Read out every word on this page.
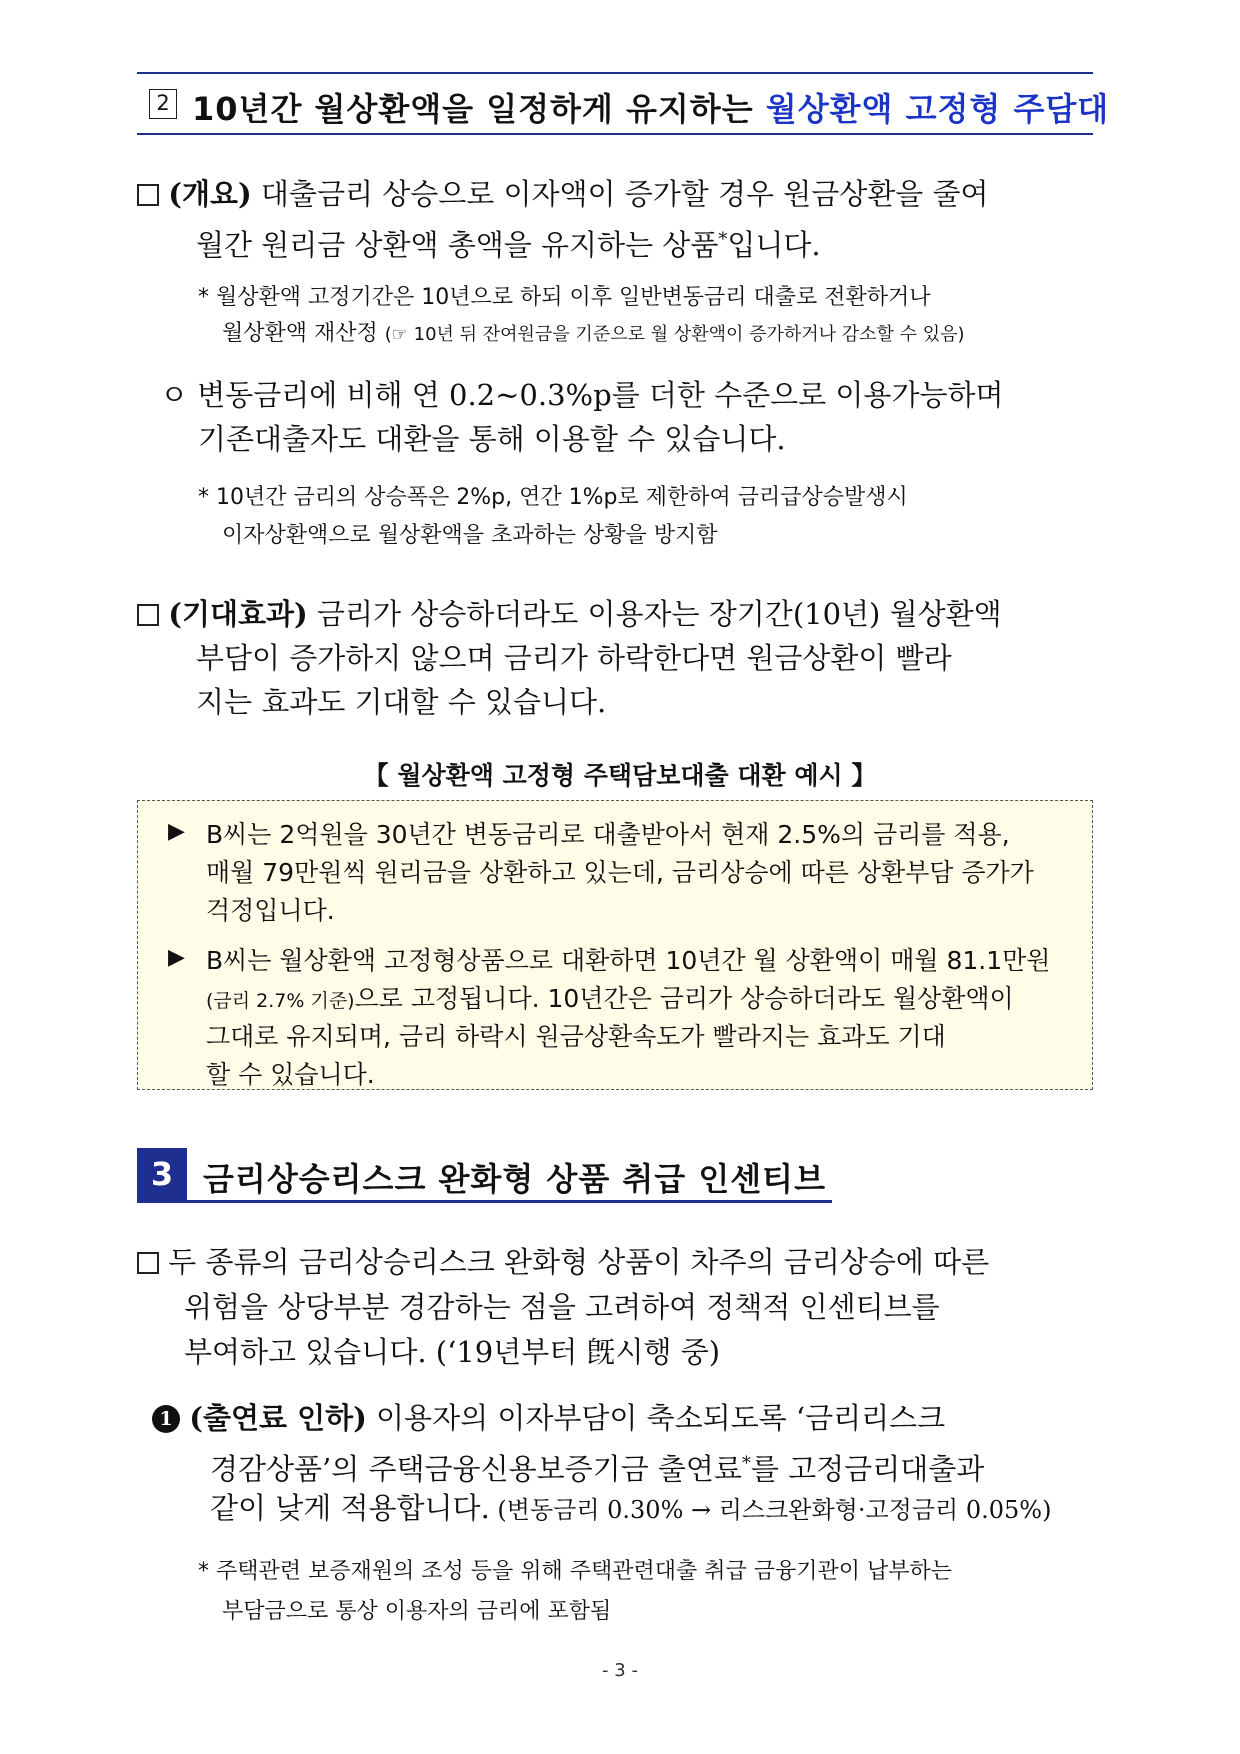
2 10년간 월상환액을 일정하게 유지하는 월상환액 고정형 주담대
(개요) 대출금리 상승으로 이자액이 증가할 경우 원금상환을 줄여
월간 원리금 상환액 총액을 유지하는 상품*입니다.
* 월상환액 고정기간은 10년으로 하되 이후 일반변동금리 대출로 전환하거나
월상환액 재산정 (☞ 10년 뒤 잔여원금을 기준으로 월 상환액이 증가하거나 감소할 수 있음)
ㅇ 변동금리에 비해 연 0.2~0.3%p를 더한 수준으로 이용가능하며
기존대출자도 대환을 통해 이용할 수 있습니다.
* 10년간 금리의 상승폭은 2%p, 연간 1%p로 제한하여 금리급상승발생시
이자상환액으로 월상환액을 초과하는 상황을 방지함
(기대효과) 금리가 상승하더라도 이용자는 장기간(10년) 월상환액
부담이 증가하지 않으며 금리가 하락한다면 원금상환이 빨라
지는 효과도 기대할 수 있습니다.
【 월상환액 고정형 주택담보대출 대환 예시 】
▶ B씨는 2억원을 30년간 변동금리로 대출받아서 현재 2.5%의 금리를 적용,
매월 79만원씩 원리금을 상환하고 있는데, 금리상승에 따른 상환부담 증가가
걱정입니다.
▶ B씨는 월상환액 고정형상품으로 대환하면 10년간 월 상환액이 매월 81.1만원
(금리 2.7% 기준)으로 고정됩니다. 10년간은 금리가 상승하더라도 월상환액이
그대로 유지되며, 금리 하락시 원금상환속도가 빨라지는 효과도 기대
할 수 있습니다.
3 금리상승리스크 완화형 상품 취급 인센티브
두 종류의 금리상승리스크 완화형 상품이 차주의 금리상승에 따른
위험을 상당부분 경감하는 점을 고려하여 정책적 인센티브를
부여하고 있습니다. (‘19년부터 旣시행 중)
1 (출연료 인하) 이용자의 이자부담이 축소되도록 ‘금리리스크
경감상품’의 주택금융신용보증기금 출연료*를 고정금리대출과
같이 낮게 적용합니다. (변동금리 0.30% → 리스크완화형·고정금리 0.05%)
* 주택관련 보증재원의 조성 등을 위해 주택관련대출 취급 금융기관이 납부하는
부담금으로 통상 이용자의 금리에 포함됨
- 3 -
